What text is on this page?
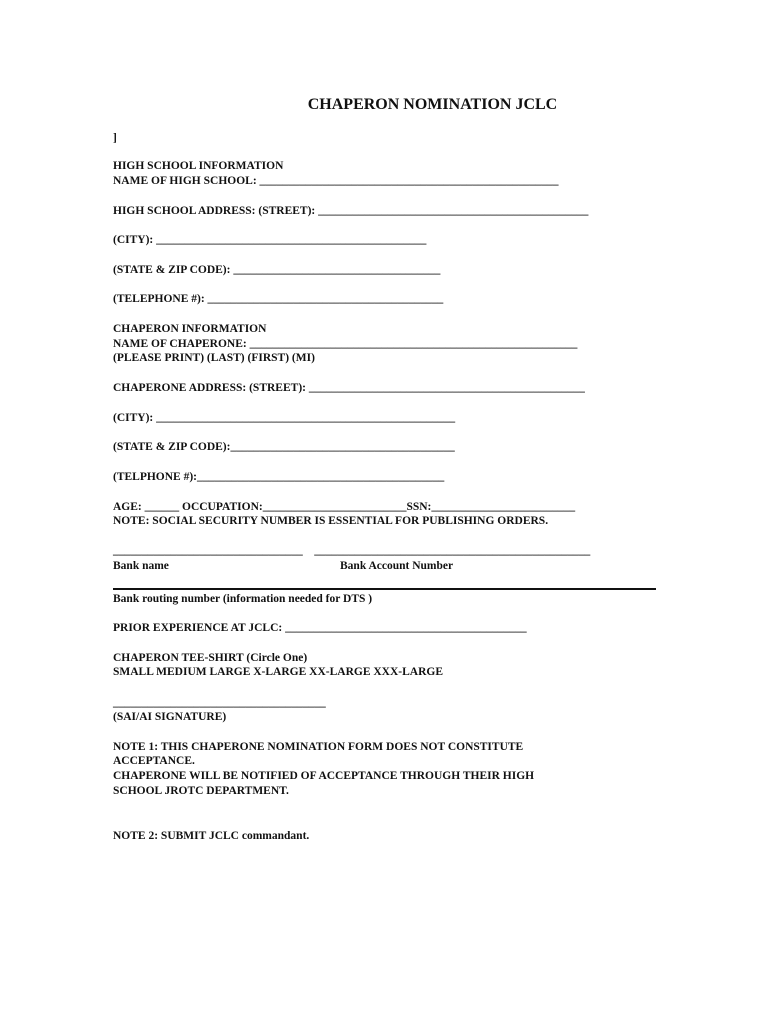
CHAPERON NOMINATION JCLC

]

HIGH SCHOOL INFORMATION

NAME OF HIGH SCHOOL: ____________________________________________________

HIGH SCHOOL ADDRESS: (STREET): _______________________________________________

(CITY): _______________________________________________

(STATE & ZIP CODE): ____________________________________

(TELEPHONE #): _________________________________________

CHAPERON INFORMATION

NAME OF CHAPERONE: _________________________________________________________

(PLEASE PRINT) (LAST) (FIRST) (MI)

CHAPERONE ADDRESS: (STREET): ________________________________________________

(CITY): ____________________________________________________

(STATE & ZIP CODE):_______________________________________

(TELPHONE #):___________________________________________

AGE: ______ OCCUPATION:_________________________SSN:_________________________

NOTE: SOCIAL SECURITY NUMBER IS ESSENTIAL FOR PUBLISHING ORDERS.

_________________________________    ________________________________________________

Bank name	Bank Account Number

Bank routing number (information needed for DTS )

PRIOR EXPERIENCE AT JCLC: __________________________________________

CHAPERON TEE-SHIRT (Circle One)

SMALL MEDIUM LARGE X-LARGE XX-LARGE XXX-LARGE

_____________________________________

(SAI/AI SIGNATURE)

NOTE 1: THIS CHAPERONE NOMINATION FORM DOES NOT CONSTITUTE

ACCEPTANCE.

CHAPERONE WILL BE NOTIFIED OF ACCEPTANCE THROUGH THEIR HIGH

SCHOOL JROTC DEPARTMENT.

NOTE 2: SUBMIT JCLC commandant.
